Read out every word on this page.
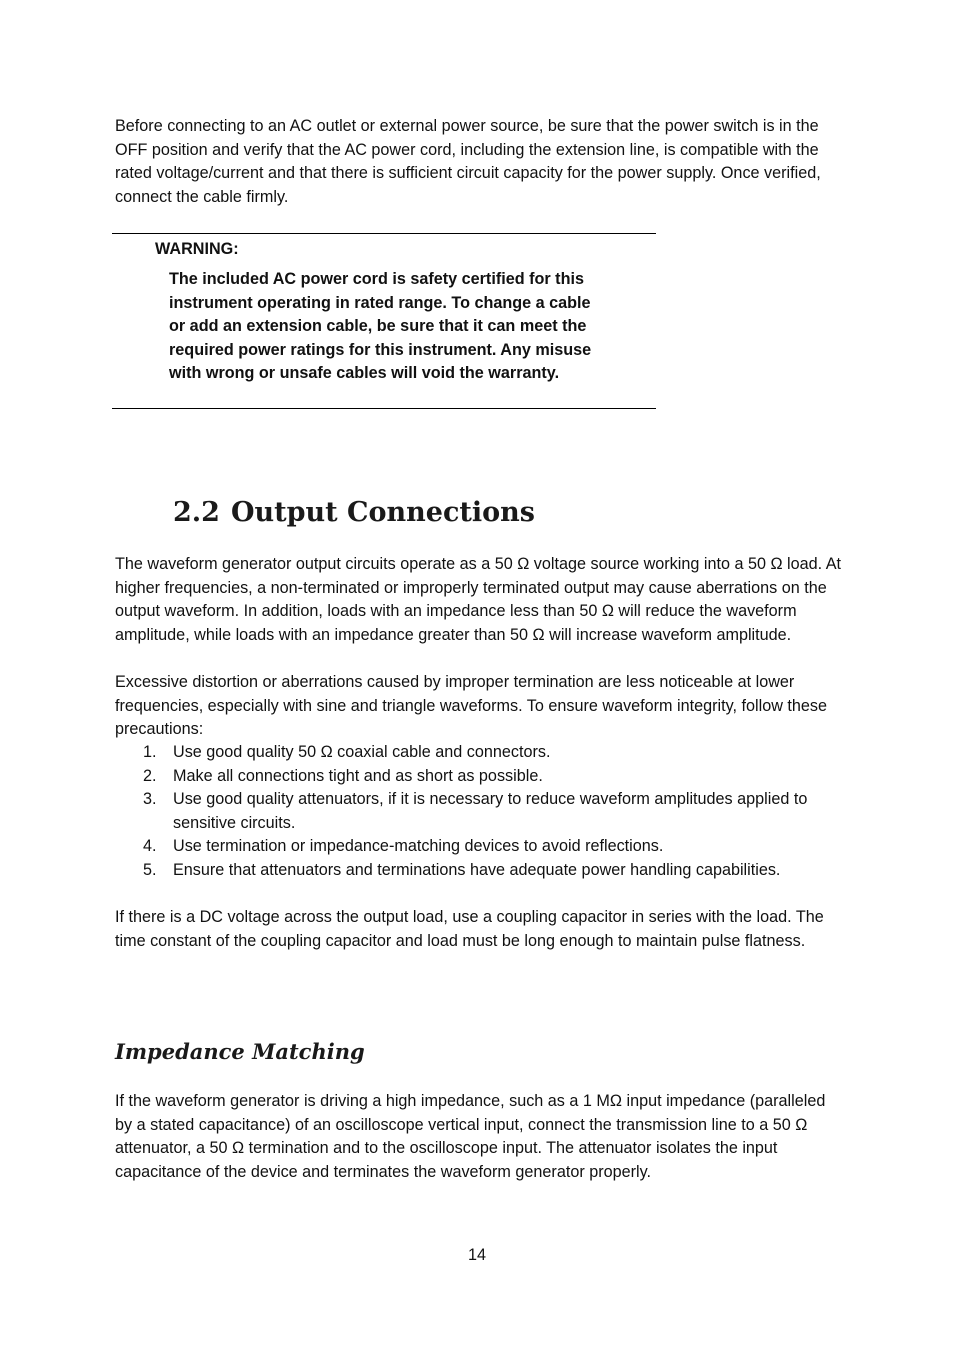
Before connecting to an AC outlet or external power source, be sure that the power switch is in the OFF position and verify that the AC power cord, including the extension line, is compatible with the rated voltage/current and that there is sufficient circuit capacity for the power supply. Once verified, connect the cable firmly.

WARNING:

The included AC power cord is safety certified for this instrument operating in rated range. To change a cable or add an extension cable, be sure that it can meet the required power ratings for this instrument. Any misuse with wrong or unsafe cables will void the warranty.

2.2 Output Connections

The waveform generator output circuits operate as a 50 Ω voltage source working into a 50 Ω load. At higher frequencies, a non-terminated or improperly terminated output may cause aberrations on the output waveform. In addition, loads with an impedance less than 50 Ω will reduce the waveform amplitude, while loads with an impedance greater than 50 Ω will increase waveform amplitude.

Excessive distortion or aberrations caused by improper termination are less noticeable at lower frequencies, especially with sine and triangle waveforms. To ensure waveform integrity, follow these precautions:

1. Use good quality 50 Ω coaxial cable and connectors.
2. Make all connections tight and as short as possible.
3. Use good quality attenuators, if it is necessary to reduce waveform amplitudes applied to sensitive circuits.
4. Use termination or impedance-matching devices to avoid reflections.
5. Ensure that attenuators and terminations have adequate power handling capabilities.

If there is a DC voltage across the output load, use a coupling capacitor in series with the load. The time constant of the coupling capacitor and load must be long enough to maintain pulse flatness.

Impedance Matching

If the waveform generator is driving a high impedance, such as a 1 MΩ input impedance (paralleled by a stated capacitance) of an oscilloscope vertical input, connect the transmission line to a 50 Ω attenuator, a 50 Ω termination and to the oscilloscope input. The attenuator isolates the input capacitance of the device and terminates the waveform generator properly.

14
